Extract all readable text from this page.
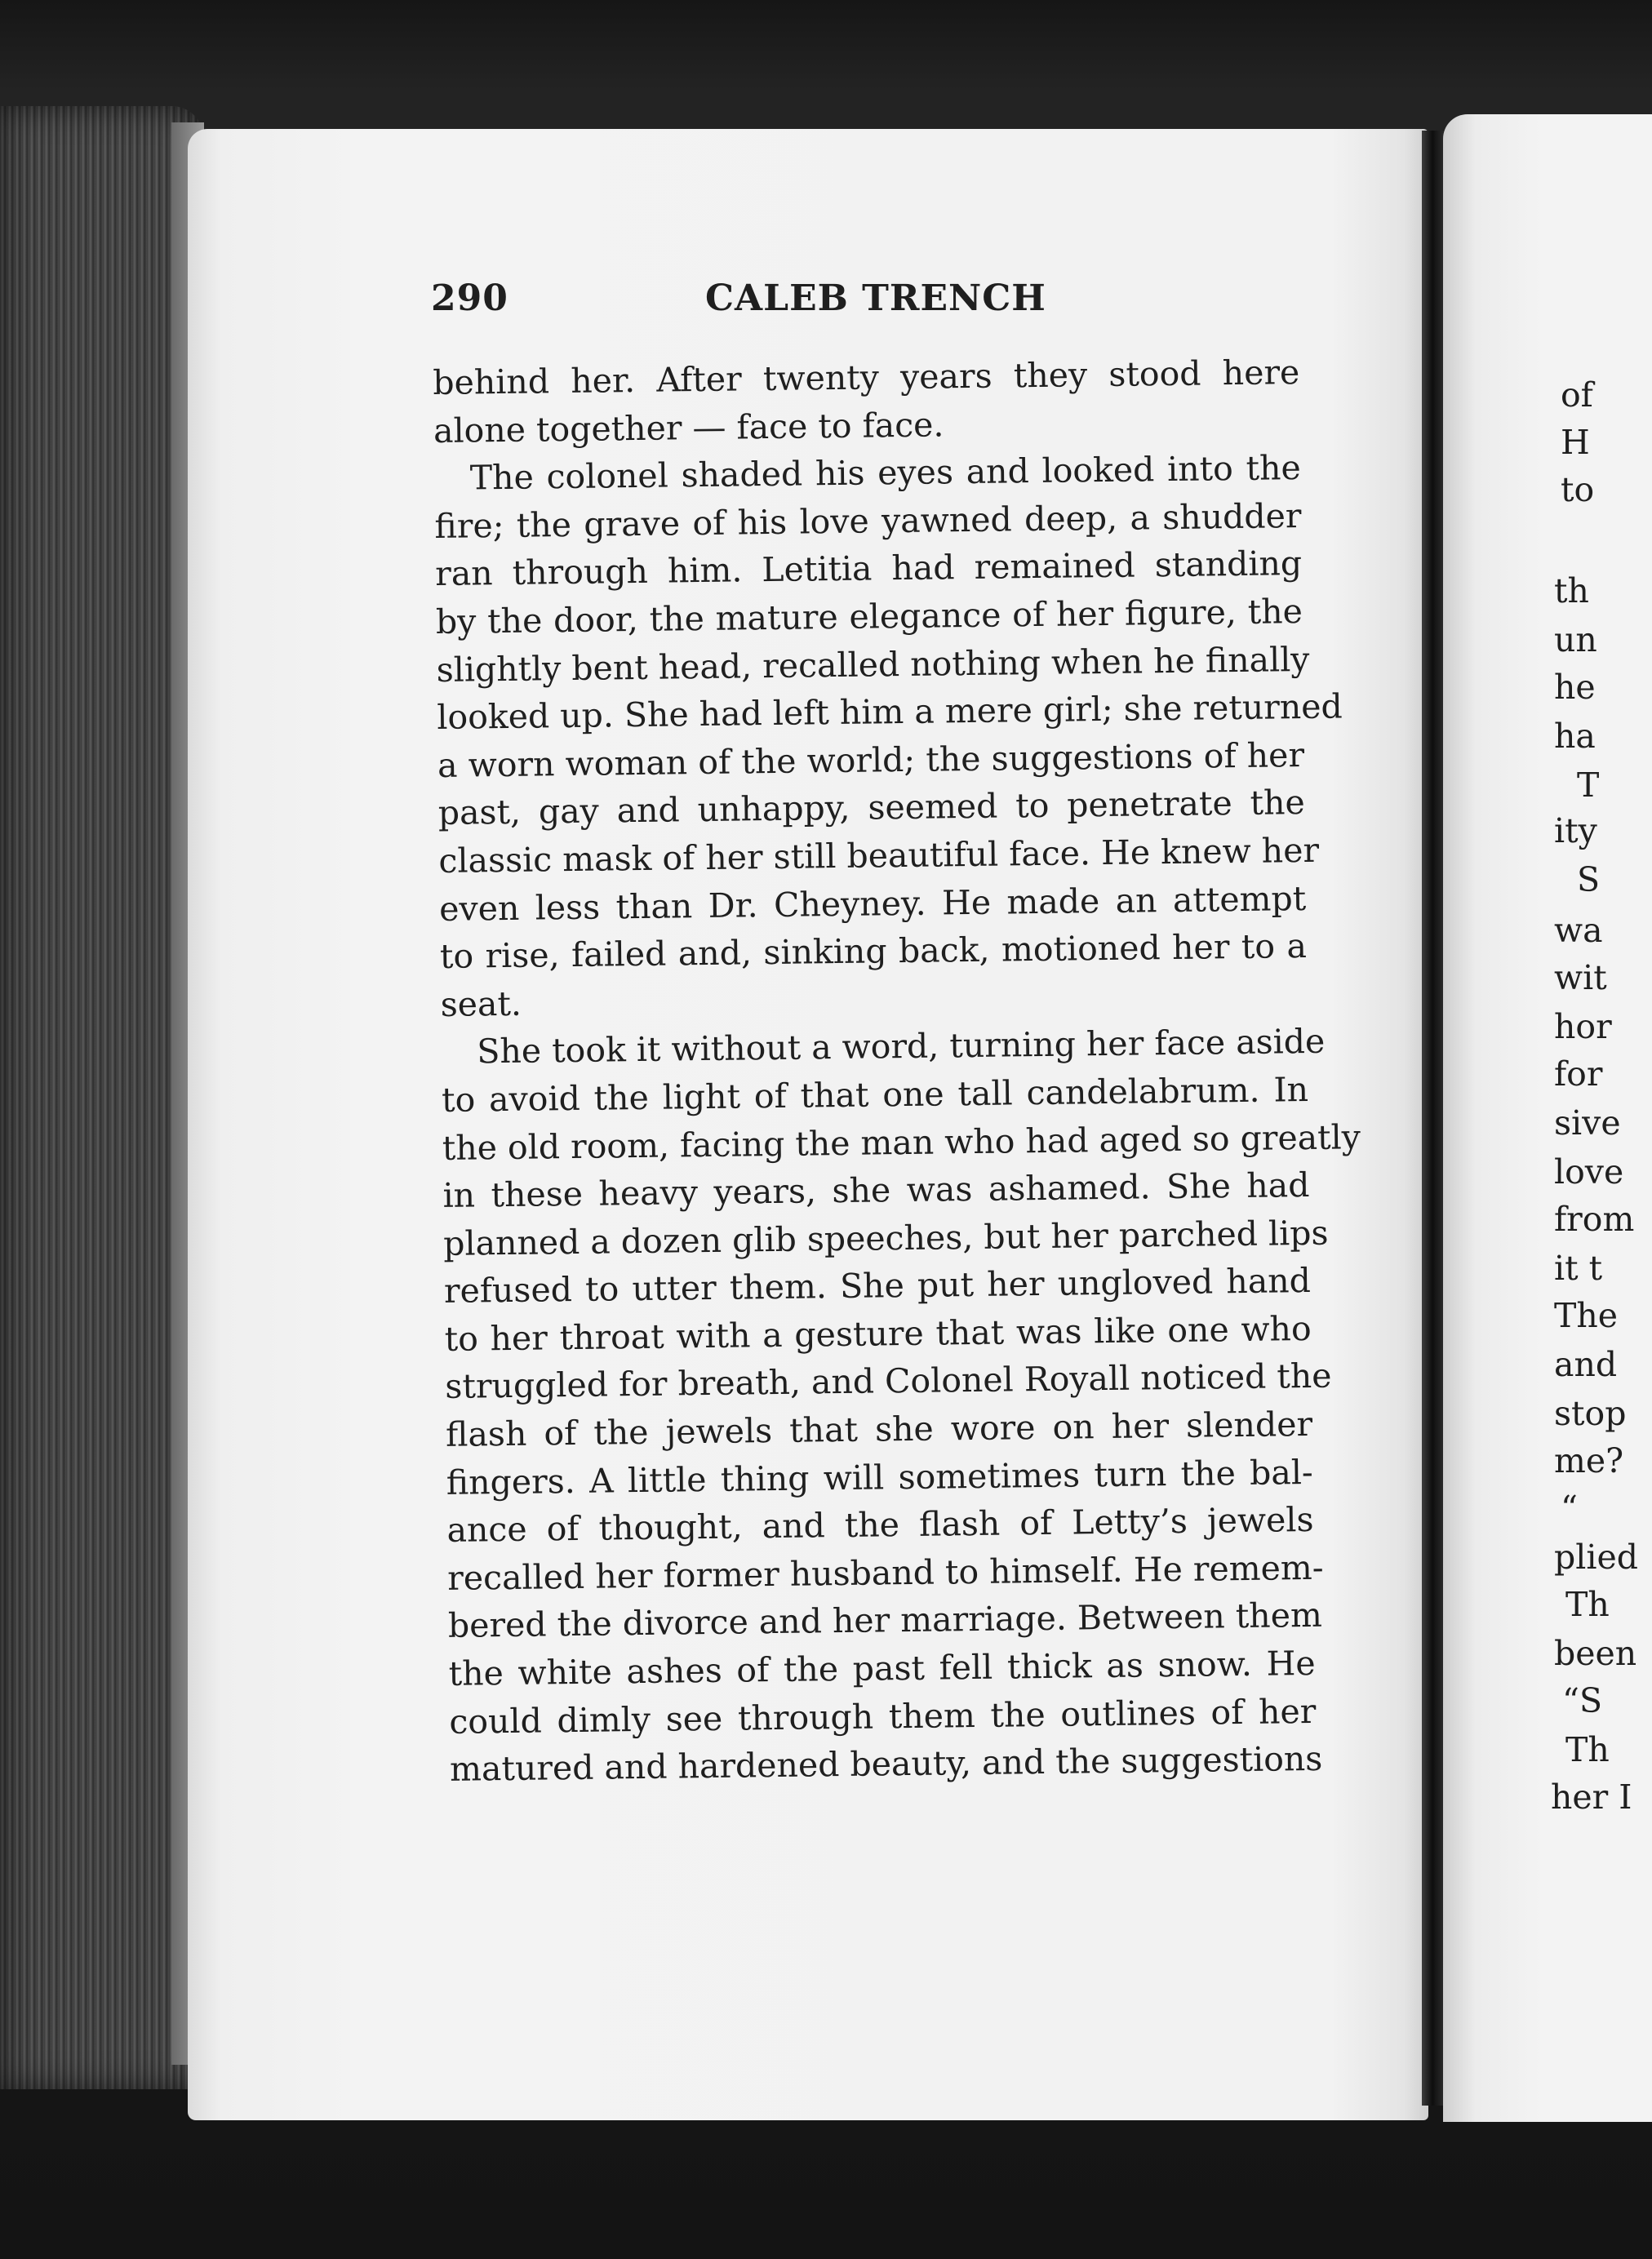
290	CALEB TRENCH
behind her. After twenty years they stood here
alone together — face to face.
The colonel shaded his eyes and looked into the
fire; the grave of his love yawned deep, a shudder
ran through him. Letitia had remained standing
by the door, the mature elegance of her figure, the
slightly bent head, recalled nothing when he finally
looked up. She had left him a mere girl; she returned
a worn woman of the world; the suggestions of her
past, gay and unhappy, seemed to penetrate the
classic mask of her still beautiful face. He knew her
even less than Dr. Cheyney. He made an attempt
to rise, failed and, sinking back, motioned her to a
seat.
She took it without a word, turning her face aside
to avoid the light of that one tall candelabrum. In
the old room, facing the man who had aged so greatly
in these heavy years, she was ashamed. She had
planned a dozen glib speeches, but her parched lips
refused to utter them. She put her ungloved hand
to her throat with a gesture that was like one who
struggled for breath, and Colonel Royall noticed the
flash of the jewels that she wore on her slender
fingers. A little thing will sometimes turn the bal-
ance of thought, and the flash of Letty’s jewels
recalled her former husband to himself. He remem-
bered the divorce and her marriage. Between them
the white ashes of the past fell thick as snow. He
could dimly see through them the outlines of her
matured and hardened beauty, and the suggestions
of
H
to
th
un
he
ha
T
ity
S
wa
wit
hor
for
sive
love
from
it t
The
and
stop
me?
“
plied
Th
been
“S
Th
her I
